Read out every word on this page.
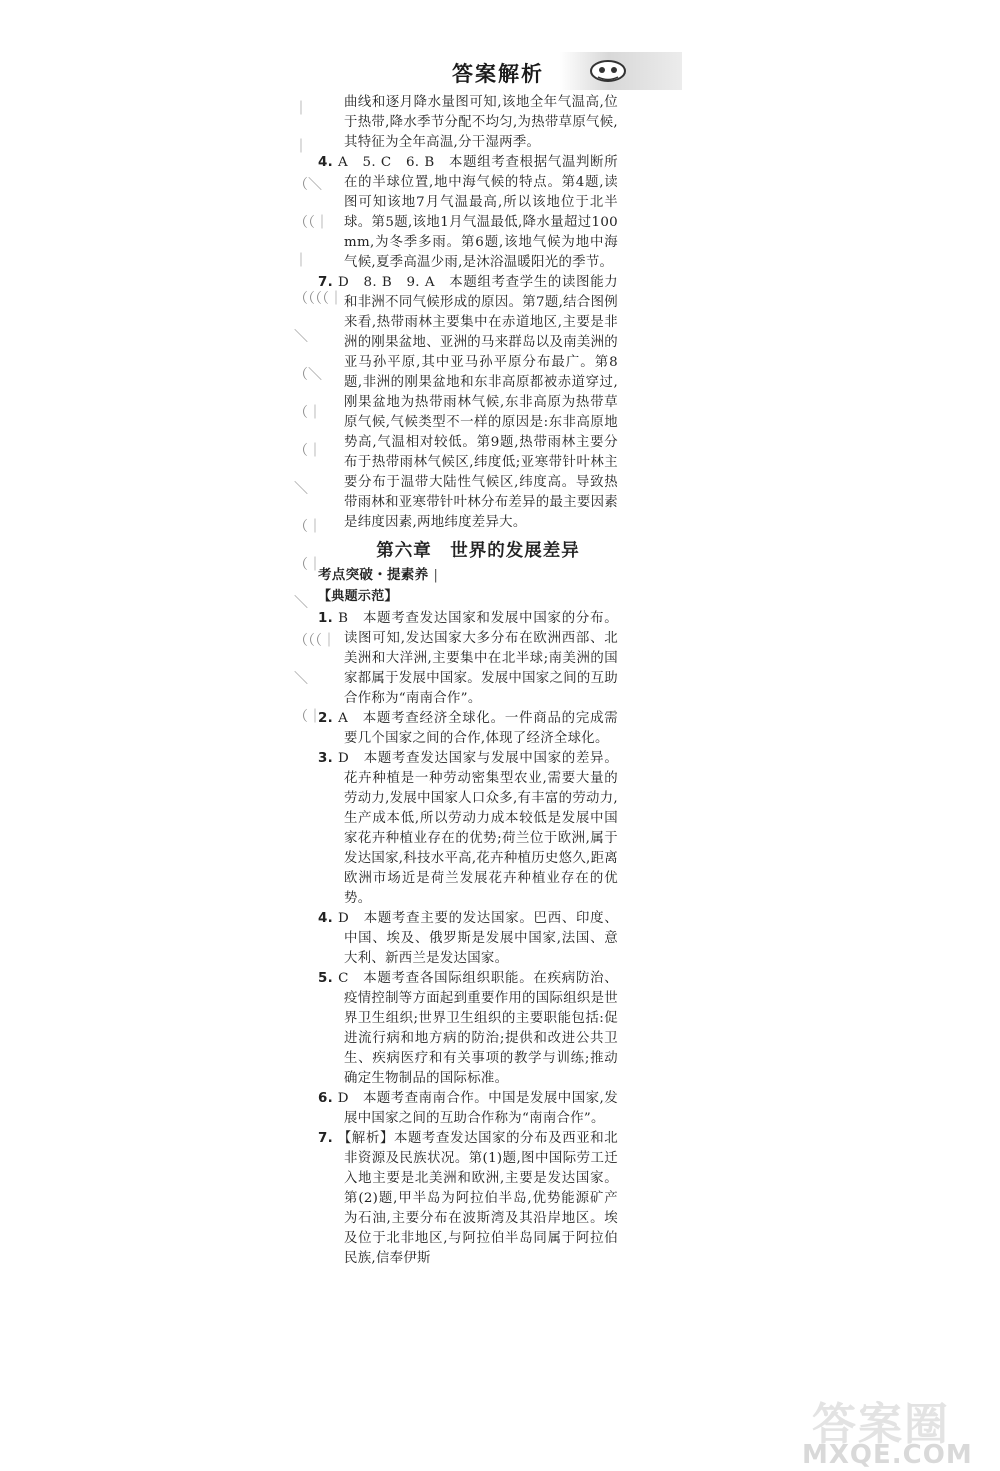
答案解析
｜｜（＼（（｜｜（（（（｜＼（＼（｜（｜＼（｜（｜＼（（（｜＼（｜

曲线和逐月降水量图可知,该地全年气温高,位于热带,降水季节分配不均匀,为热带草原气候,其特征为全年高温,分干湿两季。

4. A　5. C　6. B　本题组考查根据气温判断所在的半球位置,地中海气候的特点。第4题,读图可知该地7月气温最高,所以该地位于北半球。第5题,该地1月气温最低,降水量超过100 mm,为冬季多雨。第6题,该地气候为地中海气候,夏季高温少雨,是沐浴温暖阳光的季节。

7. D　8. B　9. A　本题组考查学生的读图能力和非洲不同气候形成的原因。第7题,结合图例来看,热带雨林主要集中在赤道地区,主要是非洲的刚果盆地、亚洲的马来群岛以及南美洲的亚马孙平原,其中亚马孙平原分布最广。第8题,非洲的刚果盆地和东非高原都被赤道穿过,刚果盆地为热带雨林气候,东非高原为热带草原气候,气候类型不一样的原因是:东非高原地势高,气温相对较低。第9题,热带雨林主要分布于热带雨林气候区,纬度低;亚寒带针叶林主要分布于温带大陆性气候区,纬度高。导致热带雨林和亚寒带针叶林分布差异的最主要因素是纬度因素,两地纬度差异大。

第六章　世界的发展差异
考点突破・提素养 |
【典题示范】

1. B　本题考查发达国家和发展中国家的分布。读图可知,发达国家大多分布在欧洲西部、北美洲和大洋洲,主要集中在北半球;南美洲的国家都属于发展中国家。发展中国家之间的互助合作称为“南南合作”。

2. A　本题考查经济全球化。一件商品的完成需要几个国家之间的合作,体现了经济全球化。

3. D　本题考查发达国家与发展中国家的差异。花卉种植是一种劳动密集型农业,需要大量的劳动力,发展中国家人口众多,有丰富的劳动力,生产成本低,所以劳动力成本较低是发展中国家花卉种植业存在的优势;荷兰位于欧洲,属于发达国家,科技水平高,花卉种植历史悠久,距离欧洲市场近是荷兰发展花卉种植业存在的优势。

4. D　本题考查主要的发达国家。巴西、印度、中国、埃及、俄罗斯是发展中国家,法国、意大利、新西兰是发达国家。

5. C　本题考查各国际组织职能。在疾病防治、疫情控制等方面起到重要作用的国际组织是世界卫生组织;世界卫生组织的主要职能包括:促进流行病和地方病的防治;提供和改进公共卫生、疾病医疗和有关事项的教学与训练;推动确定生物制品的国际标准。

6. D　本题考查南南合作。中国是发展中国家,发展中国家之间的互助合作称为“南南合作”。

7. 【解析】本题考查发达国家的分布及西亚和北非资源及民族状况。第(1)题,图中国际劳工迁入地主要是北美洲和欧洲,主要是发达国家。第(2)题,甲半岛为阿拉伯半岛,优势能源矿产为石油,主要分布在波斯湾及其沿岸地区。埃及位于北非地区,与阿拉伯半岛同属于阿拉伯民族,信奉伊斯

答案圈
MXQE.COM
